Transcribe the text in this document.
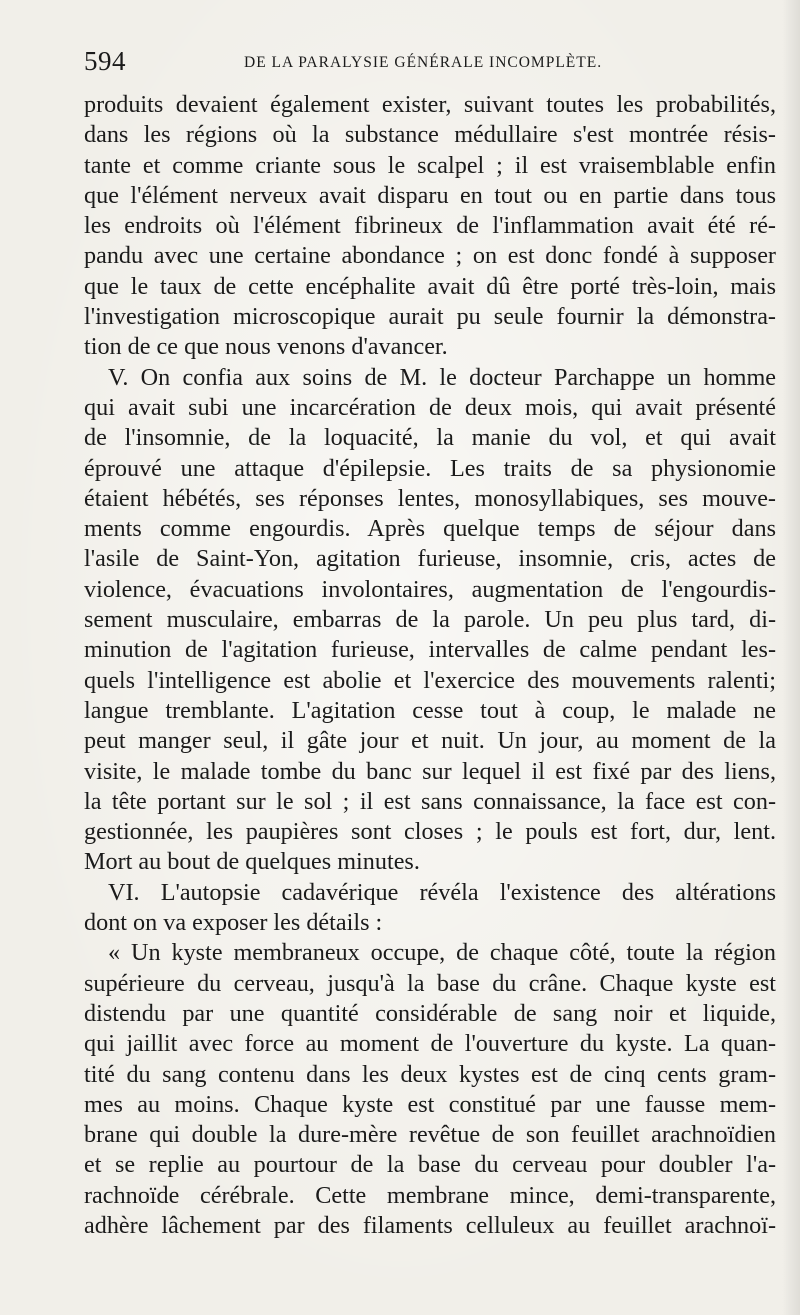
594	DE LA PARALYSIE GÉNÉRALE INCOMPLÈTE.
produits devaient également exister, suivant toutes les probabilités,
dans les régions où la substance médullaire s'est montrée résis-
tante et comme criante sous le scalpel ; il est vraisemblable enfin
que l'élément nerveux avait disparu en tout ou en partie dans tous
les endroits où l'élément fibrineux de l'inflammation avait été ré-
pandu avec une certaine abondance ; on est donc fondé à supposer
que le taux de cette encéphalite avait dû être porté très-loin, mais
l'investigation microscopique aurait pu seule fournir la démonstra-
tion de ce que nous venons d'avancer.
V. On confia aux soins de M. le docteur Parchappe un homme
qui avait subi une incarcération de deux mois, qui avait présenté
de l'insomnie, de la loquacité, la manie du vol, et qui avait
éprouvé une attaque d'épilepsie. Les traits de sa physionomie
étaient hébétés, ses réponses lentes, monosyllabiques, ses mouve-
ments comme engourdis. Après quelque temps de séjour dans
l'asile de Saint-Yon, agitation furieuse, insomnie, cris, actes de
violence, évacuations involontaires, augmentation de l'engourdis-
sement musculaire, embarras de la parole. Un peu plus tard, di-
minution de l'agitation furieuse, intervalles de calme pendant les-
quels l'intelligence est abolie et l'exercice des mouvements ralenti;
langue tremblante. L'agitation cesse tout à coup, le malade ne
peut manger seul, il gâte jour et nuit. Un jour, au moment de la
visite, le malade tombe du banc sur lequel il est fixé par des liens,
la tête portant sur le sol ; il est sans connaissance, la face est con-
gestionnée, les paupières sont closes ; le pouls est fort, dur, lent.
Mort au bout de quelques minutes.
VI. L'autopsie cadavérique révéla l'existence des altérations
dont on va exposer les détails :
« Un kyste membraneux occupe, de chaque côté, toute la région
supérieure du cerveau, jusqu'à la base du crâne. Chaque kyste est
distendu par une quantité considérable de sang noir et liquide,
qui jaillit avec force au moment de l'ouverture du kyste. La quan-
tité du sang contenu dans les deux kystes est de cinq cents gram-
mes au moins. Chaque kyste est constitué par une fausse mem-
brane qui double la dure-mère revêtue de son feuillet arachnoïdien
et se replie au pourtour de la base du cerveau pour doubler l'a-
rachnoïde cérébrale. Cette membrane mince, demi-transparente,
adhère lâchement par des filaments celluleux au feuillet arachnoï-
